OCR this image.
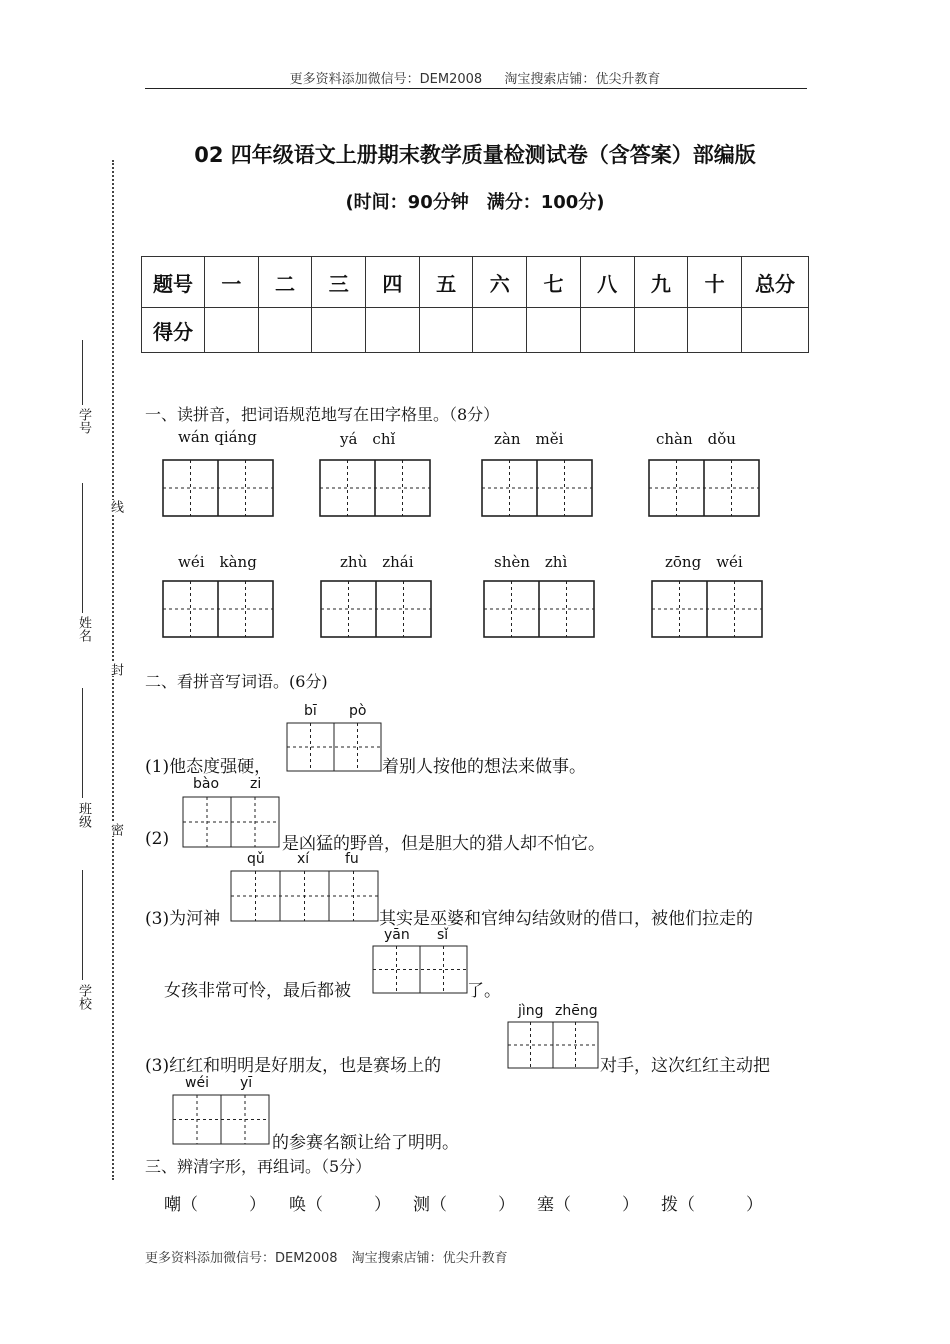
更多资料添加微信号：DEM2008 淘宝搜索店铺：优尖升教育
学号
姓名
班级
学校
线
封
密
02 四年级语文上册期末教学质量检测试卷（含答案）部编版
(时间：90分钟　满分：100分)
题号	一	二	三	四	五	六	七	八	九	十	总分
得分											
一、读拼音，把词语规范地写在田字格里。（8分）
wán qiáng	yá　chǐ	zàn　měi	chàn　dǒu
wéi　kàng	zhù　zhái	shèn　zhì	zōng　wéi
二、看拼音写词语。(6分)
bī pò
(1)他态度强硬，	着别人按他的想法来做事。
bào zi
(2)	是凶猛的野兽，但是胆大的猎人却不怕它。
qǔ xí	fu
(3)为河神	其实是巫婆和官绅勾结敛财的借口，被他们拉走的
yān sǐ
女孩非常可怜，最后都被	了。
jìng zhēng
(3)红红和明明是好朋友，也是赛场上的	对手，这次红红主动把
wéi yī
的参赛名额让给了明明。
三、辨清字形，再组词。（5分）
嘲（　　　） 唤（　　　） 测（　　　） 塞（　　　） 拨（　　　）
更多资料添加微信号：DEM2008 淘宝搜索店铺：优尖升教育
